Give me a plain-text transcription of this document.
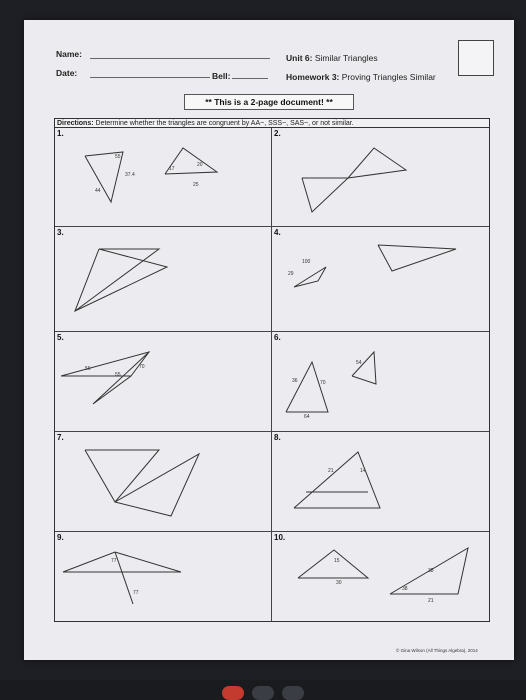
Name:
Date:	Bell:
Unit 6: Similar Triangles
Homework 3: Proving Triangles Similar
** This is a 2-page document! **
Directions: Determine whether the triangles are congruent by AA~, SSS~, SAS~, or not similar.
1.
55
37.4
17
20
44
25
2.
3.	4.
100
29
5.
70
56
55
6.
54
36	70
64
7.	8.
21	14
9.
77
77
10.
15
38
30
38
21
© Gina Wilson (All Things Algebra), 2014
